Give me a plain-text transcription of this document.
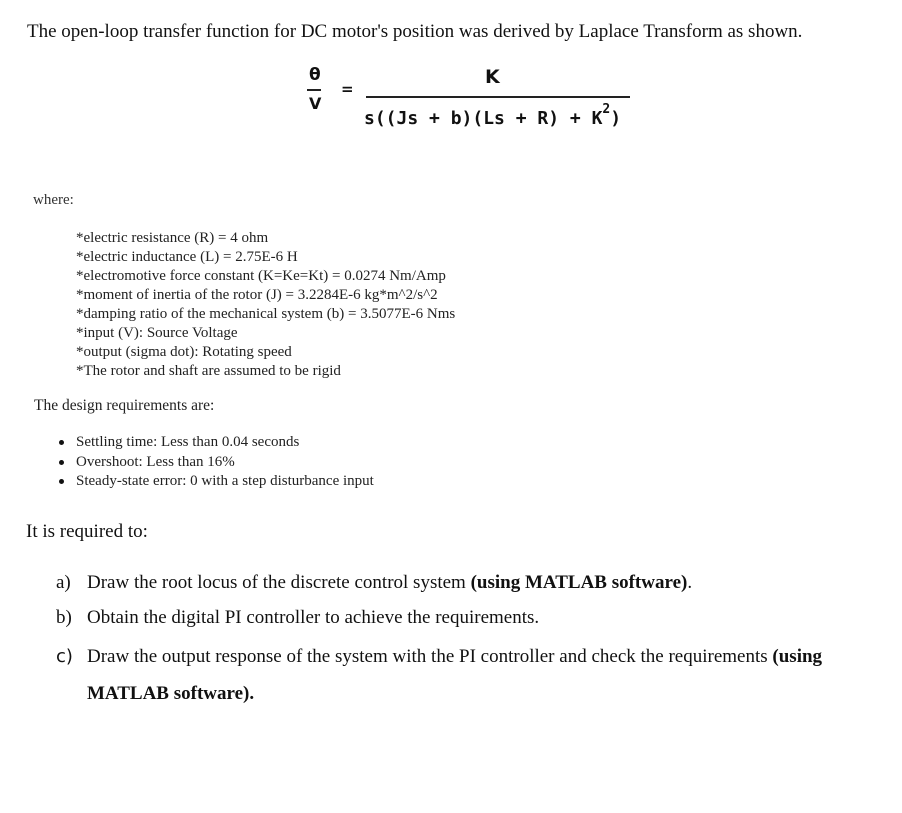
The open-loop transfer function for DC motor's position was derived by Laplace Transform as shown.
θ
V
=
K
$s((Js + b)(Ls + R) + K^2)$
where:
*electric resistance (R) = 4 ohm
*electric inductance (L) = 2.75E-6 H
*electromotive force constant (K=Ke=Kt) = 0.0274 Nm/Amp
*moment of inertia of the rotor (J) = 3.2284E-6 kg*m^2/s^2
*damping ratio of the mechanical system (b) = 3.5077E-6 Nms
*input (V): Source Voltage
*output (sigma dot): Rotating speed
*The rotor and shaft are assumed to be rigid
The design requirements are:
Settling time: Less than 0.04 seconds
Overshoot: Less than 16%
Steady-state error: 0 with a step disturbance input
It is required to:
a) Draw the root locus of the discrete control system (using MATLAB software).
b) Obtain the digital PI controller to achieve the requirements.
c) Draw the output response of the system with the PI controller and check the requirements (using
MATLAB software).
